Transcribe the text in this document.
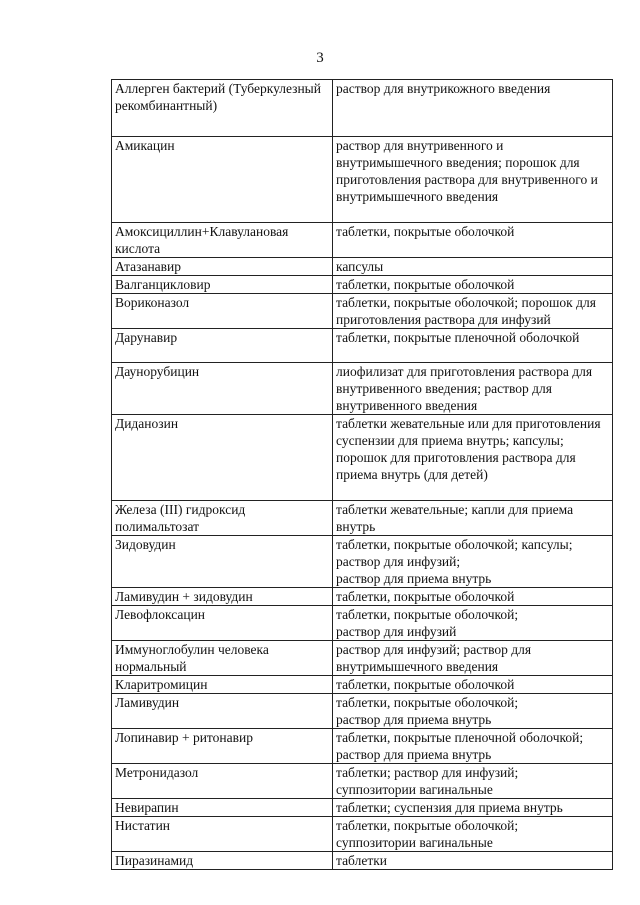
3
Аллерген бактерий (Туберкулезный рекомбинантный)	раствор для внутрикожного введения

Амикацин	раствор для внутривенного и внутримышечного введения; порошок для приготовления раствора для внутривенного и внутримышечного введения

Амоксициллин+Клавулановая кислота	таблетки, покрытые оболочкой

Атазанавир	капсулы

Валганцикловир	таблетки, покрытые оболочкой

Вориконазол	таблетки, покрытые оболочкой; порошок для приготовления раствора для инфузий

Дарунавир	таблетки, покрытые пленочной оболочкой

Даунорубицин	лиофилизат для приготовления раствора для внутривенного введения; раствор для внутривенного введения

Диданозин	таблетки жевательные или для приготовления суспензии для приема внутрь; капсулы; порошок для приготовления раствора для приема внутрь (для детей)

Железа (III) гидроксид полимальтозат	таблетки жевательные; капли для приема внутрь

Зидовудин	таблетки, покрытые оболочкой; капсулы; раствор для инфузий;
раствор для приема внутрь

Ламивудин + зидовудин	таблетки, покрытые оболочкой

Левофлоксацин	таблетки, покрытые оболочкой;
раствор для инфузий

Иммуноглобулин человека нормальный	раствор для инфузий; раствор для внутримышечного введения

Кларитромицин	таблетки, покрытые оболочкой

Ламивудин	таблетки, покрытые оболочкой;
раствор для приема внутрь

Лопинавир + ритонавир	таблетки, покрытые пленочной оболочкой; раствор для приема внутрь

Метронидазол	таблетки; раствор для инфузий;
суппозитории вагинальные

Невирапин	таблетки; суспензия для приема внутрь

Нистатин	таблетки, покрытые оболочкой;
суппозитории вагинальные

Пиразинамид	таблетки
